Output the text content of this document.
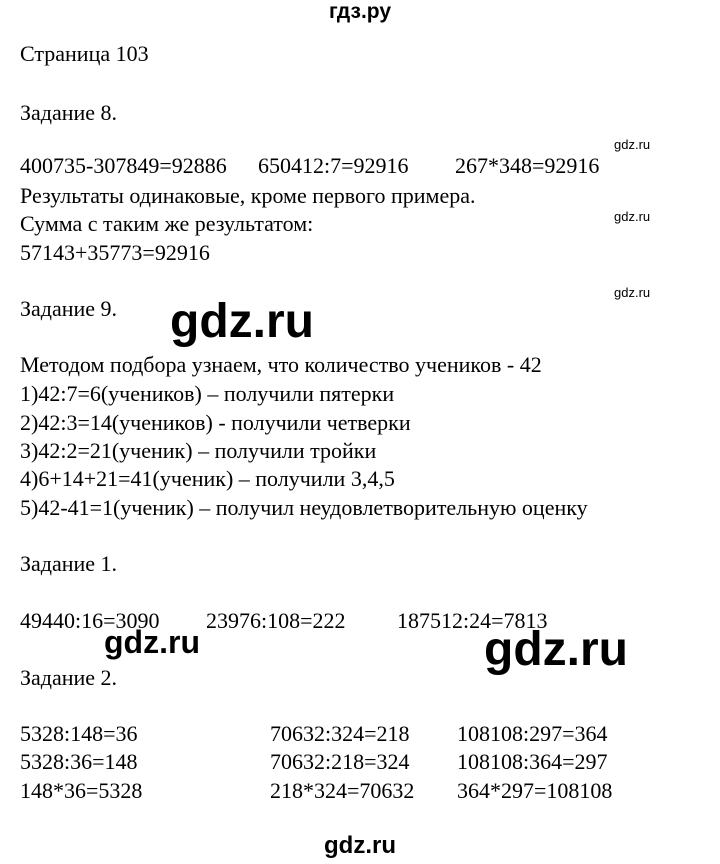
гдз.ру
Страница 103
Задание 8.
gdz.ru
400735-307849=92886 650412:7=92916 267*348=92916
Результаты одинаковые, кроме первого примера.
gdz.ru
Сумма с таким же результатом:
57143+35773=92916
gdz.ru
Задание 9. gdz.ru
Методом подбора узнаем, что количество учеников - 42
1)42:7=6(учеников) – получили пятерки
2)42:3=14(учеников) - получили четверки
3)42:2=21(ученик) – получили тройки
4)6+14+21=41(ученик) – получили 3,4,5
5)42-41=1(ученик) – получил неудовлетворительную оценку
Задание 1.
49440:16=3090 23976:108=222 187512:24=7813
gdz.ru	gdz.ru
Задание 2.
5328:148=36
5328:36=148
148*36=5328
70632:324=218
70632:218=324
218*324=70632
108108:297=364
108108:364=297
364*297=108108
gdz.ru
